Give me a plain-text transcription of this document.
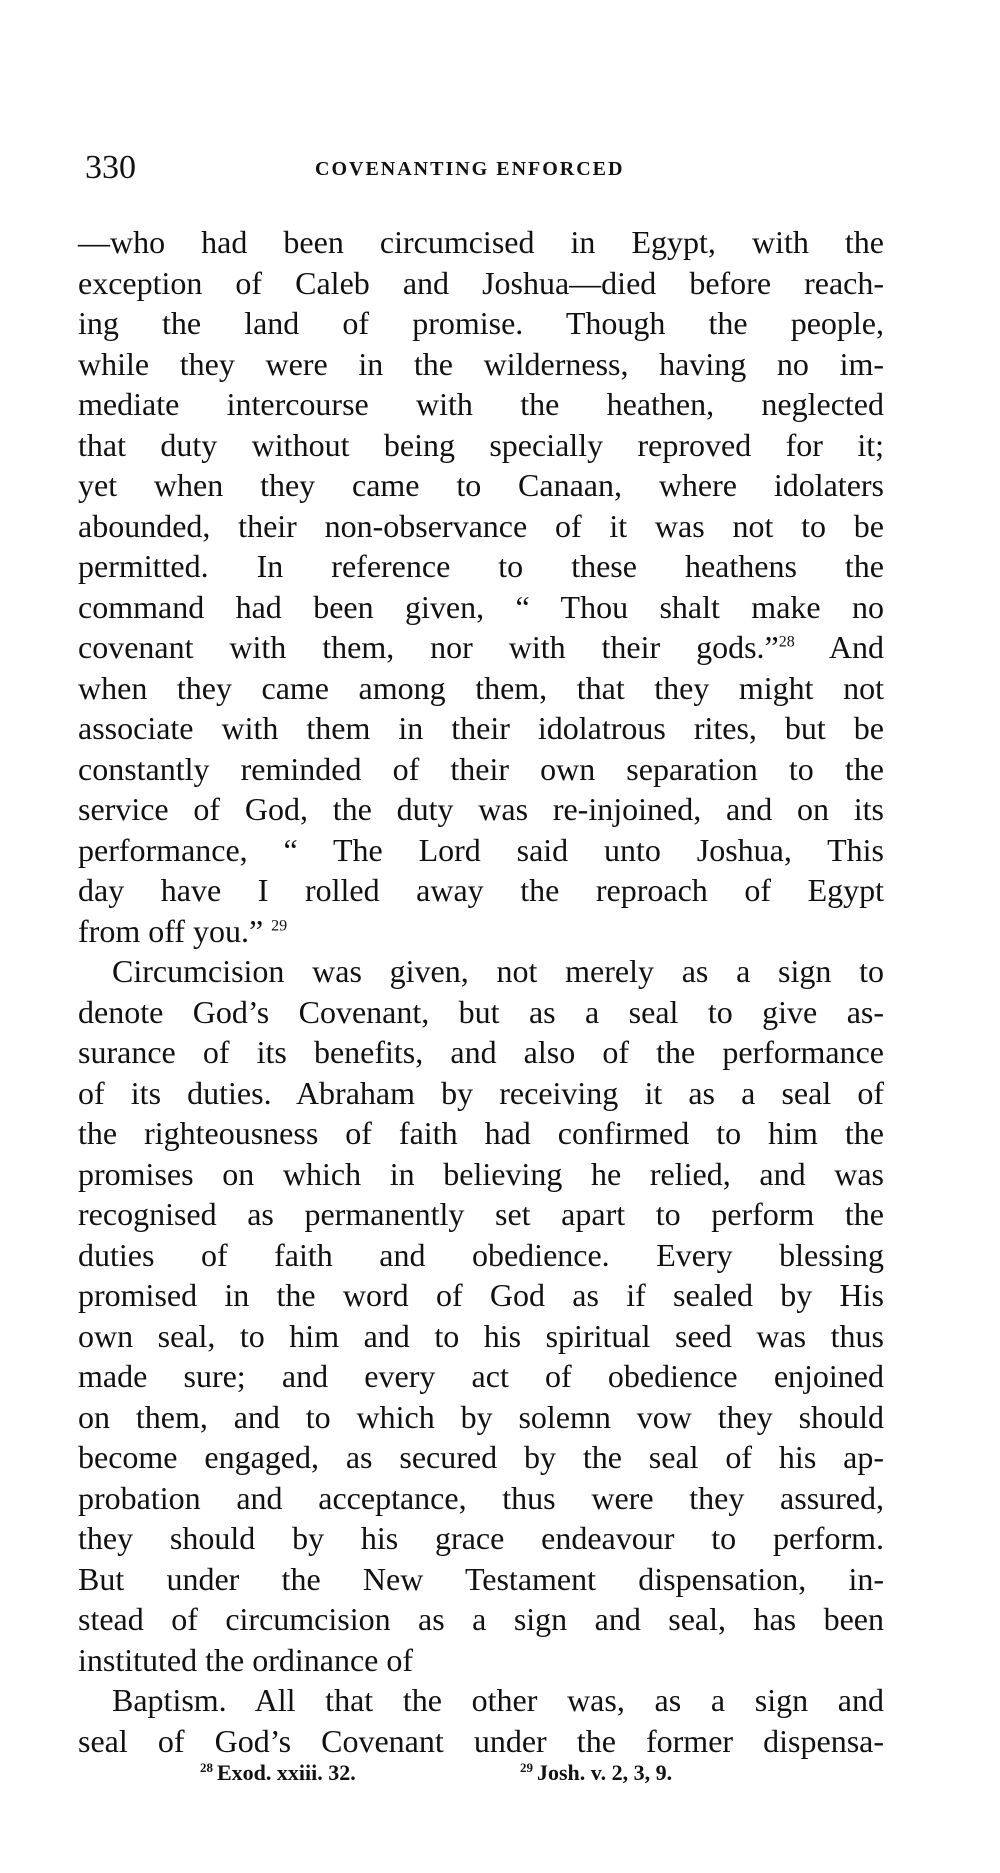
330	COVENANTING ENFORCED
—who had been circumcised in Egypt, with the
exception of Caleb and Joshua—died before reach-
ing the land of promise. Though the people,
while they were in the wilderness, having no im-
mediate intercourse with the heathen, neglected
that duty without being specially reproved for it;
yet when they came to Canaan, where idolaters
abounded, their non-observance of it was not to be
permitted. In reference to these heathens the
command had been given, “ Thou shalt make no
covenant with them, nor with their gods.”$^{28}$ And
when they came among them, that they might not
associate with them in their idolatrous rites, but be
constantly reminded of their own separation to the
service of God, the duty was re-injoined, and on its
performance, “ The Lord said unto Joshua, This
day have I rolled away the reproach of Egypt
from off you.” $^{29}$
Circumcision was given, not merely as a sign to
denote God’s Covenant, but as a seal to give as-
surance of its benefits, and also of the performance
of its duties. Abraham by receiving it as a seal of
the righteousness of faith had confirmed to him the
promises on which in believing he relied, and was
recognised as permanently set apart to perform the
duties of faith and obedience. Every blessing
promised in the word of God as if sealed by His
own seal, to him and to his spiritual seed was thus
made sure; and every act of obedience enjoined
on them, and to which by solemn vow they should
become engaged, as secured by the seal of his ap-
probation and acceptance, thus were they assured,
they should by his grace endeavour to perform.
But under the New Testament dispensation, in-
stead of circumcision as a sign and seal, has been
instituted the ordinance of
Baptism. All that the other was, as a sign and
seal of God’s Covenant under the former dispensa-
$^{28}$ Exod. xxiii. 32.	$^{29}$ Josh. v. 2, 3, 9.
